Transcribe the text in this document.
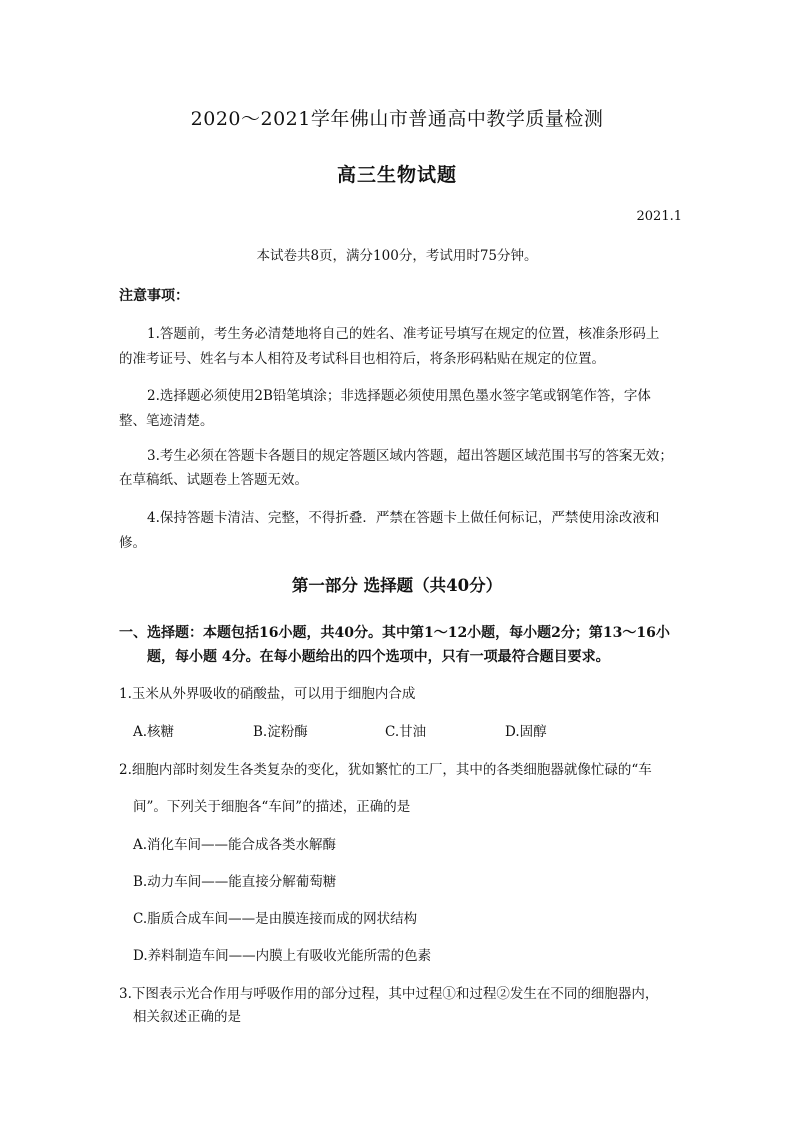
2020～2021学年佛山市普通高中教学质量检测
高三生物试题
2021.1
本试卷共8页，满分100分，考试用时75分钟。
注意事项：
1.答题前，考生务必清楚地将自己的姓名、准考证号填写在规定的位置，核准条形码上
的准考证号、姓名与本人相符及考试科目也相符后，将条形码粘贴在规定的位置。
2.选择题必须使用2B铅笔填涂；非选择题必须使用黑色墨水签字笔或钢笔作答，字体
整、笔迹清楚。
3.考生必须在答题卡各题目的规定答题区域内答题，超出答题区域范围书写的答案无效；
在草稿纸、试题卷上答题无效。
4.保持答题卡清洁、完整，不得折叠．严禁在答题卡上做任何标记，严禁使用涂改液和
修。
第一部分 选择题（共40分）
一、选择题：本题包括16小题，共40分。其中第1～12小题，每小题2分；第13～16小
题，每小题 4分。在每小题给出的四个选项中，只有一项最符合题目要求。
1.玉米从外界吸收的硝酸盐，可以用于细胞内合成
A.核糖	B.淀粉酶	C.甘油	D.固醇
2.细胞内部时刻发生各类复杂的变化，犹如繁忙的工厂，其中的各类细胞器就像忙碌的“车
间”。下列关于细胞各“车间”的描述，正确的是
A.消化车间——能合成各类水解酶
B.动力车间——能直接分解葡萄糖
C.脂质合成车间——是由膜连接而成的网状结构
D.养料制造车间——内膜上有吸收光能所需的色素
3.下图表示光合作用与呼吸作用的部分过程，其中过程①和过程②发生在不同的细胞器内，
相关叙述正确的是
